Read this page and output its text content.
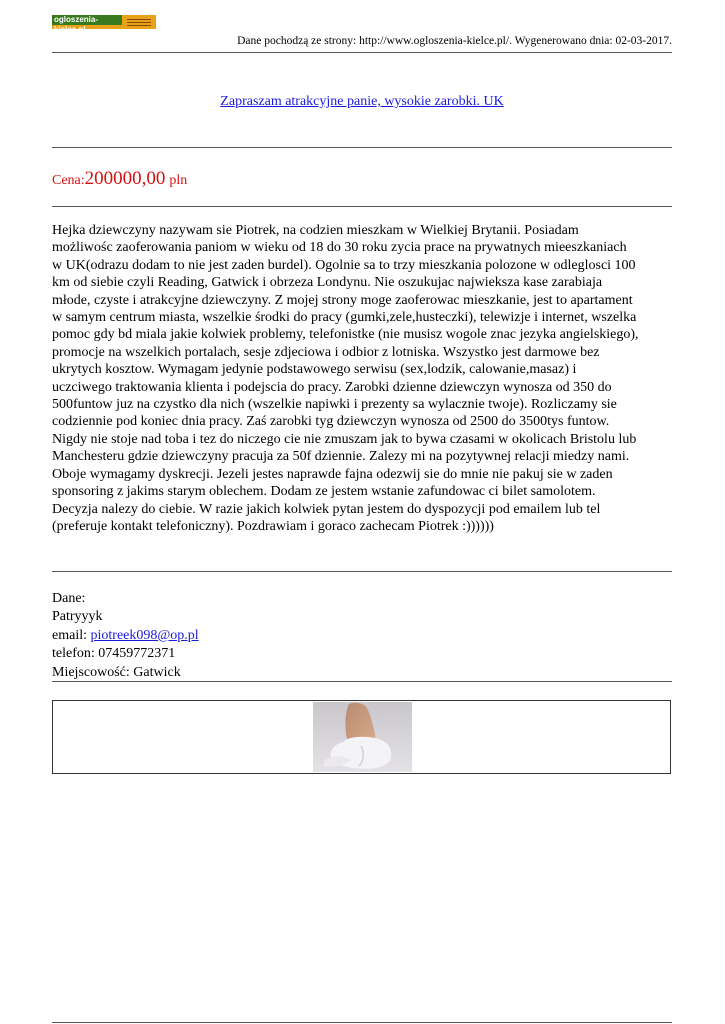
ogloszenia-kielce.pl
Dane pochodzą ze strony: http://www.ogloszenia-kielce.pl/. Wygenerowano dnia: 02-03-2017.
Zapraszam atrakcyjne panie, wysokie zarobki. UK
Cena:200000,00 pln
Hejka dziewczyny nazywam sie Piotrek, na codzien mieszkam w Wielkiej Brytanii. Posiadam
możliwośc zaoferowania paniom w wieku od 18 do 30 roku zycia prace na prywatnych mieeszkaniach
w UK(odrazu dodam to nie jest zaden burdel). Ogolnie sa to trzy mieszkania polozone w odleglosci 100
km od siebie czyli Reading, Gatwick i obrzeza Londynu. Nie oszukujac najwieksza kase zarabiaja
młode, czyste i atrakcyjne dziewczyny. Z mojej strony moge zaoferowac mieszkanie, jest to apartament
w samym centrum miasta, wszelkie środki do pracy (gumki,zele,husteczki), telewizje i internet, wszelka
pomoc gdy bd miala jakie kolwiek problemy, telefonistke (nie musisz wogole znac jezyka angielskiego),
promocje na wszelkich portalach, sesje zdjeciowa i odbior z lotniska. Wszystko jest darmowe bez
ukrytych kosztow. Wymagam jedynie podstawowego serwisu (sex,lodzik, calowanie,masaz) i
uczciwego traktowania klienta i podejscia do pracy. Zarobki dzienne dziewczyn wynosza od 350 do
500funtow juz na czystko dla nich (wszelkie napiwki i prezenty sa wylacznie twoje). Rozliczamy sie
codziennie pod koniec dnia pracy. Zaś zarobki tyg dziewczyn wynosza od 2500 do 3500tys funtow.
Nigdy nie stoje nad toba i tez do niczego cie nie zmuszam jak to bywa czasami w okolicach Bristolu lub
Manchesteru gdzie dziewczyny pracuja za 50f dziennie. Zalezy mi na pozytywnej relacji miedzy nami.
Oboje wymagamy dyskrecji. Jezeli jestes naprawde fajna odezwij sie do mnie nie pakuj sie w zaden
sponsoring z jakims starym oblechem. Dodam ze jestem wstanie zafundowac ci bilet samolotem.
Decyzja nalezy do ciebie. W razie jakich kolwiek pytan jestem do dyspozycji pod emailem lub tel
(preferuje kontakt telefoniczny). Pozdrawiam i goraco zachecam Piotrek :))))))
Dane:
Patryyyk
email: piotreek098@op.pl
telefon: 07459772371
Miejscowość: Gatwick
